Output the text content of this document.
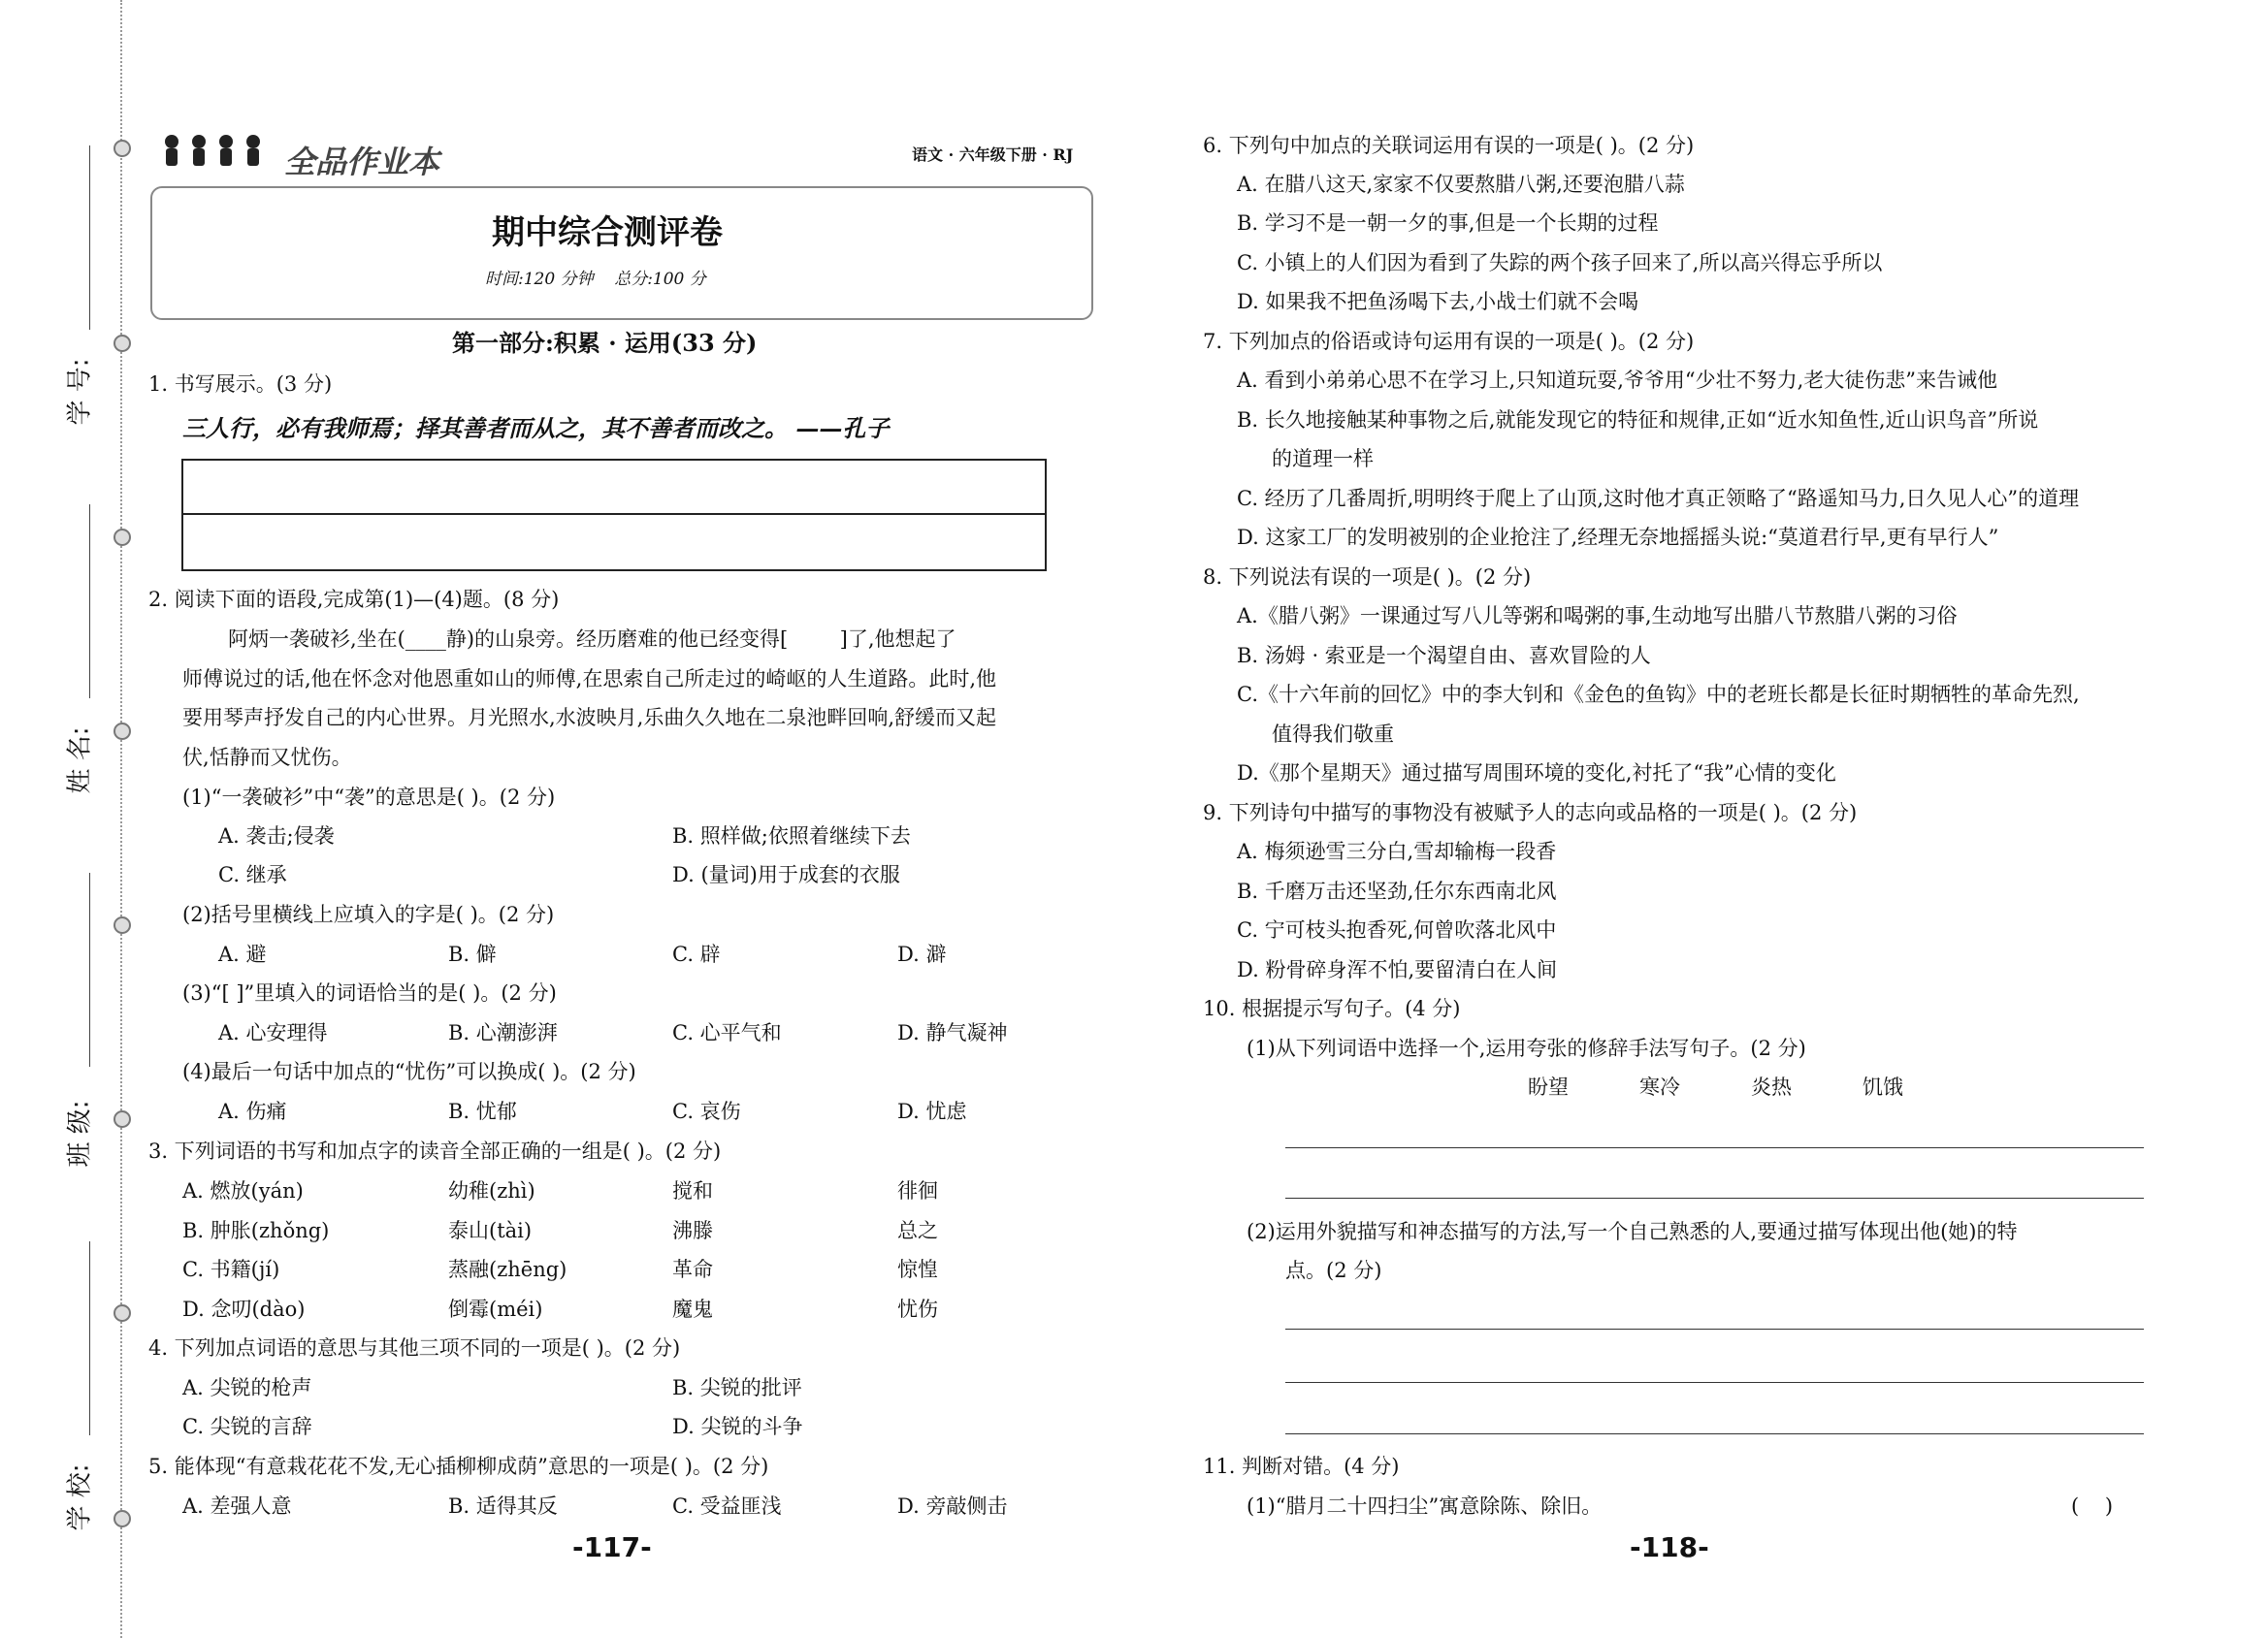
学 号:
姓 名:
班 级:
学 校:
全品作业本	语文 · 六年级下册 · RJ
期中综合测评卷
时间:120 分钟    总分:100 分
第一部分:积累 · 运用(33 分)
1. 书写展示。(3 分)
三人行，必有我师焉；择其善者而从之，其不善者而改之。 ——孔子
2. 阅读下面的语段,完成第(1)—(4)题。(8 分)
阿炳一袭破衫,坐在(____静)的山泉旁。经历磨难的他已经变得[        ]了,他想起了
师傅说过的话,他在怀念对他恩重如山的师傅,在思索自己所走过的崎岖的人生道路。此时,他
要用琴声抒发自己的内心世界。月光照水,水波映月,乐曲久久地在二泉池畔回响,舒缓而又起
伏,恬静而又忧伤。
(1)“一袭破衫”中“袭”的意思是( )。(2 分)
A. 袭击;侵袭	B. 照样做;依照着继续下去
C. 继承	D. (量词)用于成套的衣服
(2)括号里横线上应填入的字是( )。(2 分)
A. 避	B. 僻	C. 辟	D. 澼
(3)“[ ]”里填入的词语恰当的是( )。(2 分)
A. 心安理得	B. 心潮澎湃	C. 心平气和	D. 静气凝神
(4)最后一句话中加点的“忧伤”可以换成( )。(2 分)
A. 伤痛	B. 忧郁	C. 哀伤	D. 忧虑
3. 下列词语的书写和加点字的读音全部正确的一组是( )。(2 分)
A. 燃放(yán)	幼稚(zhì)	搅和	徘徊
B. 肿胀(zhǒng)	泰山(tài)	沸滕	总之
C. 书籍(jí)	蒸融(zhēng)	革命	惊惶
D. 念叨(dào)	倒霉(méi)	魔鬼	忧伤
4. 下列加点词语的意思与其他三项不同的一项是( )。(2 分)
A. 尖锐的枪声	B. 尖锐的批评
C. 尖锐的言辞	D. 尖锐的斗争
5. 能体现“有意栽花花不发,无心插柳柳成荫”意思的一项是( )。(2 分)
A. 差强人意	B. 适得其反	C. 受益匪浅	D. 旁敲侧击
-117-
6. 下列句中加点的关联词运用有误的一项是( )。(2 分)
A. 在腊八这天,家家不仅要熬腊八粥,还要泡腊八蒜
B. 学习不是一朝一夕的事,但是一个长期的过程
C. 小镇上的人们因为看到了失踪的两个孩子回来了,所以高兴得忘乎所以
D. 如果我不把鱼汤喝下去,小战士们就不会喝
7. 下列加点的俗语或诗句运用有误的一项是( )。(2 分)
A. 看到小弟弟心思不在学习上,只知道玩耍,爷爷用“少壮不努力,老大徒伤悲”来告诫他
B. 长久地接触某种事物之后,就能发现它的特征和规律,正如“近水知鱼性,近山识鸟音”所说
的道理一样
C. 经历了几番周折,明明终于爬上了山顶,这时他才真正领略了“路遥知马力,日久见人心”的道理
D. 这家工厂的发明被别的企业抢注了,经理无奈地摇摇头说:“莫道君行早,更有早行人”
8. 下列说法有误的一项是( )。(2 分)
A.《腊八粥》一课通过写八儿等粥和喝粥的事,生动地写出腊八节熬腊八粥的习俗
B. 汤姆 · 索亚是一个渴望自由、喜欢冒险的人
C.《十六年前的回忆》中的李大钊和《金色的鱼钩》中的老班长都是长征时期牺牲的革命先烈,
值得我们敬重
D.《那个星期天》通过描写周围环境的变化,衬托了“我”心情的变化
9. 下列诗句中描写的事物没有被赋予人的志向或品格的一项是( )。(2 分)
A. 梅须逊雪三分白,雪却输梅一段香
B. 千磨万击还坚劲,任尔东西南北风
C. 宁可枝头抱香死,何曾吹落北风中
D. 粉骨碎身浑不怕,要留清白在人间
10. 根据提示写句子。(4 分)
(1)从下列词语中选择一个,运用夸张的修辞手法写句子。(2 分)
盼望	寒冷	炎热	饥饿
(2)运用外貌描写和神态描写的方法,写一个自己熟悉的人,要通过描写体现出他(她)的特
点。(2 分)
11. 判断对错。(4 分)
(1)“腊月二十四扫尘”寓意除陈、除旧。	(    )
-118-
